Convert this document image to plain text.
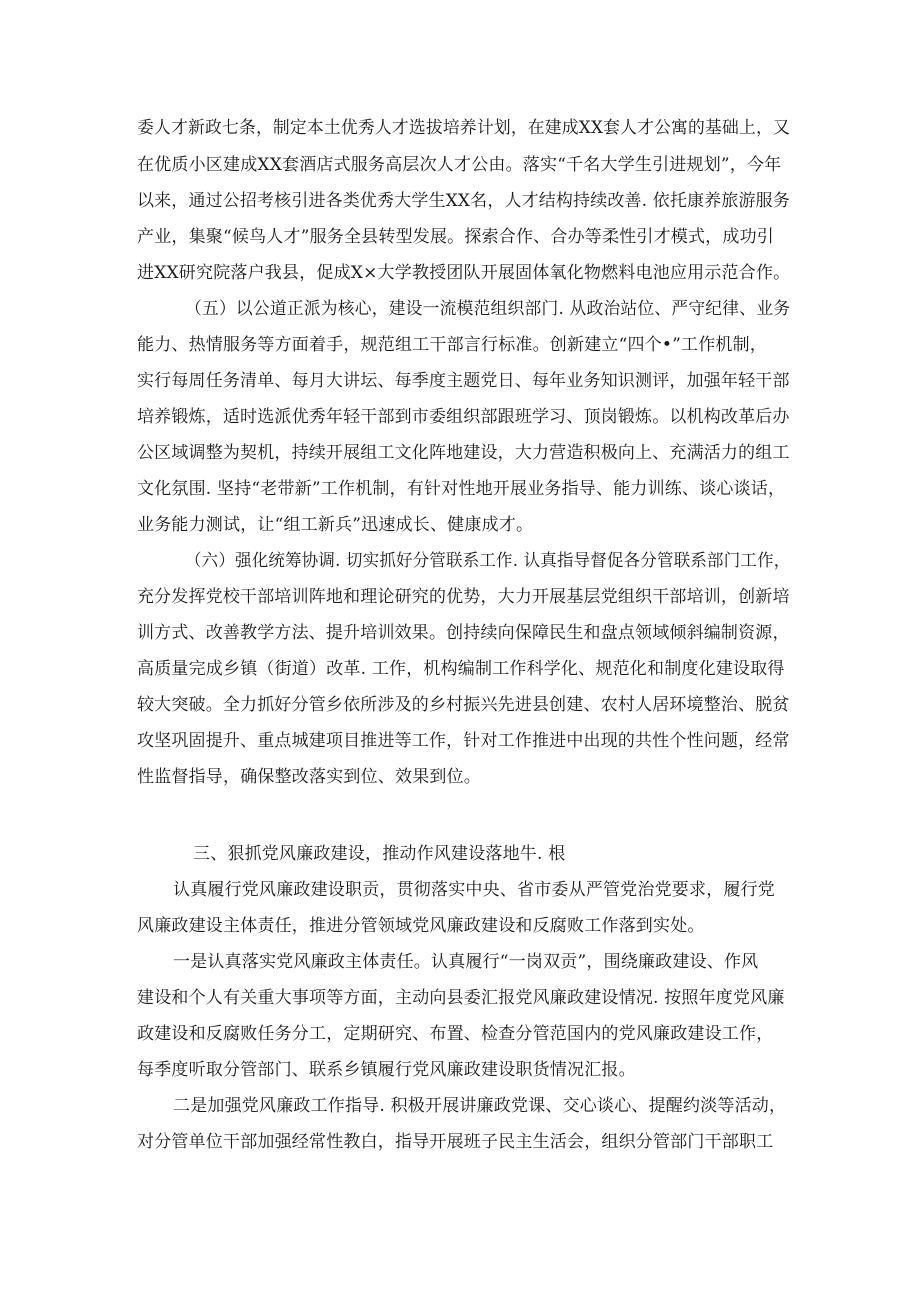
委人才新政七条，制定本土优秀人才选拔培养计划，在建成XX套人才公寓的基础上，又
在优质小区建成XX套酒店式服务高层次人才公由。落实“千名大学生引进规划”，今年
以来，通过公招考核引进各类优秀大学生XX名，人才结构持续改善. 依托康养旅游服务
产业，集聚“候鸟人才”服务全县转型发展。探索合作、合办等柔性引才模式，成功引
进XX研究院落户我县，促成X×大学教授团队开展固体氧化物燃料电池应用示范合作。
（五）以公道正派为核心，建设一流模范组织部门. 从政治站位、严守纪律、业务
能力、热情服务等方面着手，规范组工干部言行标准。创新建立“四个•”工作机制，
实行每周任务清单、每月大讲坛、每季度主题党日、每年业务知识测评，加强年轻干部
培养锻炼，适时选派优秀年轻干部到市委组织部跟班学习、顶岗锻炼。以机构改革后办
公区域调整为契机，持续开展组工文化阵地建设，大力营造积极向上、充满活力的组工
文化氛围. 坚持“老带新”工作机制，有针对性地开展业务指导、能力训练、谈心谈话，
业务能力测试，让“组工新兵”迅速成长、健康成才。
（六）强化统筹协调. 切实抓好分管联系工作. 认真指导督促各分管联系部门工作，
充分发挥党校干部培训阵地和理论研究的优势，大力开展基层党组织干部培训，创新培
训方式、改善教学方法、提升培训效果。创持续向保障民生和盘点领域倾斜编制资源，
高质量完成乡镇（街道）改革. 工作，机构编制工作科学化、规范化和制度化建设取得
较大突破。全力抓好分管乡依所涉及的乡村振兴先进县创建、农村人居环境整治、脱贫
攻坚巩固提升、重点城建项目推进等工作，针对工作推进中出现的共性个性问题，经常
性监督指导，确保整改落实到位、效果到位。
三、狠抓党风廉政建设，推动作风建设落地牛. 根
认真履行党风廉政建设职贡，贯彻落实中央、省市委从严管党治党要求，履行党
风廉政建设主体责任，推进分管领域党风廉政建设和反腐败工作落到实处。
一是认真落实党风廉政主体责任。认真履行“一岗双贡”，围绕廉政建设、作风
建设和个人有关重大事项等方面，主动向县委汇报党风廉政建设情况. 按照年度党风廉
政建设和反腐败任务分工，定期研究、布置、检查分管范国内的党风廉政建设工作，
每季度听取分管部门、联系乡镇履行党风廉政建设职货情况汇报。
二是加强党风廉政工作指导. 积极开展讲廉政党课、交心谈心、提醒约淡等活动，
对分管单位干部加强经常性教白，指导开展班子民主生活会，组织分管部门干部职工
